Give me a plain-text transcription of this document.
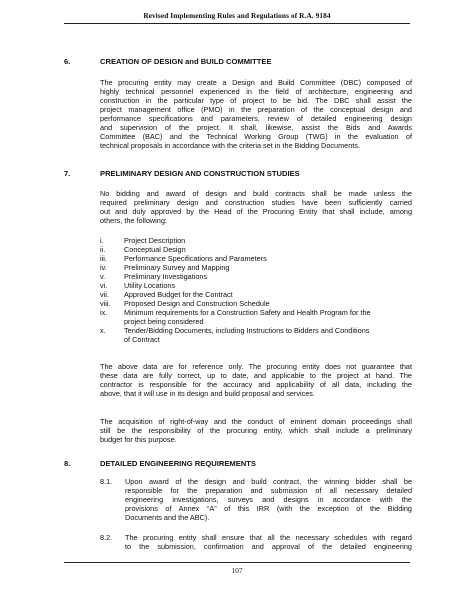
Revised Implementing Rules and Regulations of R.A. 9184
6.	CREATION OF DESIGN and BUILD COMMITTEE
The procuring entity may create a Design and Build Committee (DBC) composed of
highly technical personnel experienced in the field of architecture, engineering and
construction in the particular type of project to be bid. The DBC shall assist the
project management office (PMO) in the preparation of the conceptual design and
performance specifications and parameters, review of detailed engineering design
and supervision of the project. It shall, likewise, assist the Bids and Awards
Committee (BAC) and the Technical Working Group (TWG) in the evaluation of
technical proposals in accordance with the criteria set in the Bidding Documents.
7.	PRELIMINARY DESIGN AND CONSTRUCTION STUDIES
No bidding and award of design and build contracts shall be made unless the
required preliminary design and construction studies have been sufficiently carried
out and duly approved by the Head of the Procuring Entity that shall include, among
others, the following:
i.	Project Description
ii.	Conceptual Design
iii. Performance Specifications and Parameters
iv. Preliminary Survey and Mapping
v.	Preliminary Investigations
vi. Utility Locations
vii. Approved Budget for the Contract
viii. Proposed Design and Construction Schedule
ix. Minimum requirements for a Construction Safety and Health Program for the
project being considered
x.	Tender/Bidding Documents, including Instructions to Bidders and Conditions
of Contract
The above data are for reference only. The procuring entity does not guarantee that
these data are fully correct, up to date, and applicable to the project at hand. The
contractor is responsible for the accuracy and applicability of all data, including the
above, that it will use in its design and build proposal and services.
The acquisition of right-of-way and the conduct of eminent domain proceedings shall
still be the responsibility of the procuring entity, which shall include a preliminary
budget for this purpose.
8.	DETAILED ENGINEERING REQUIREMENTS
8.1. Upon award of the design and build contract, the winning bidder shall be
responsible for the preparation and submission of all necessary detailed
engineering investigations, surveys and designs in accordance with the
provisions of Annex “A” of this IRR (with the exception of the Bidding
Documents and the ABC).
8.2. The procuring entity shall ensure that all the necessary schedules with regard
to the submission, confirmation and approval of the detailed engineering
107
